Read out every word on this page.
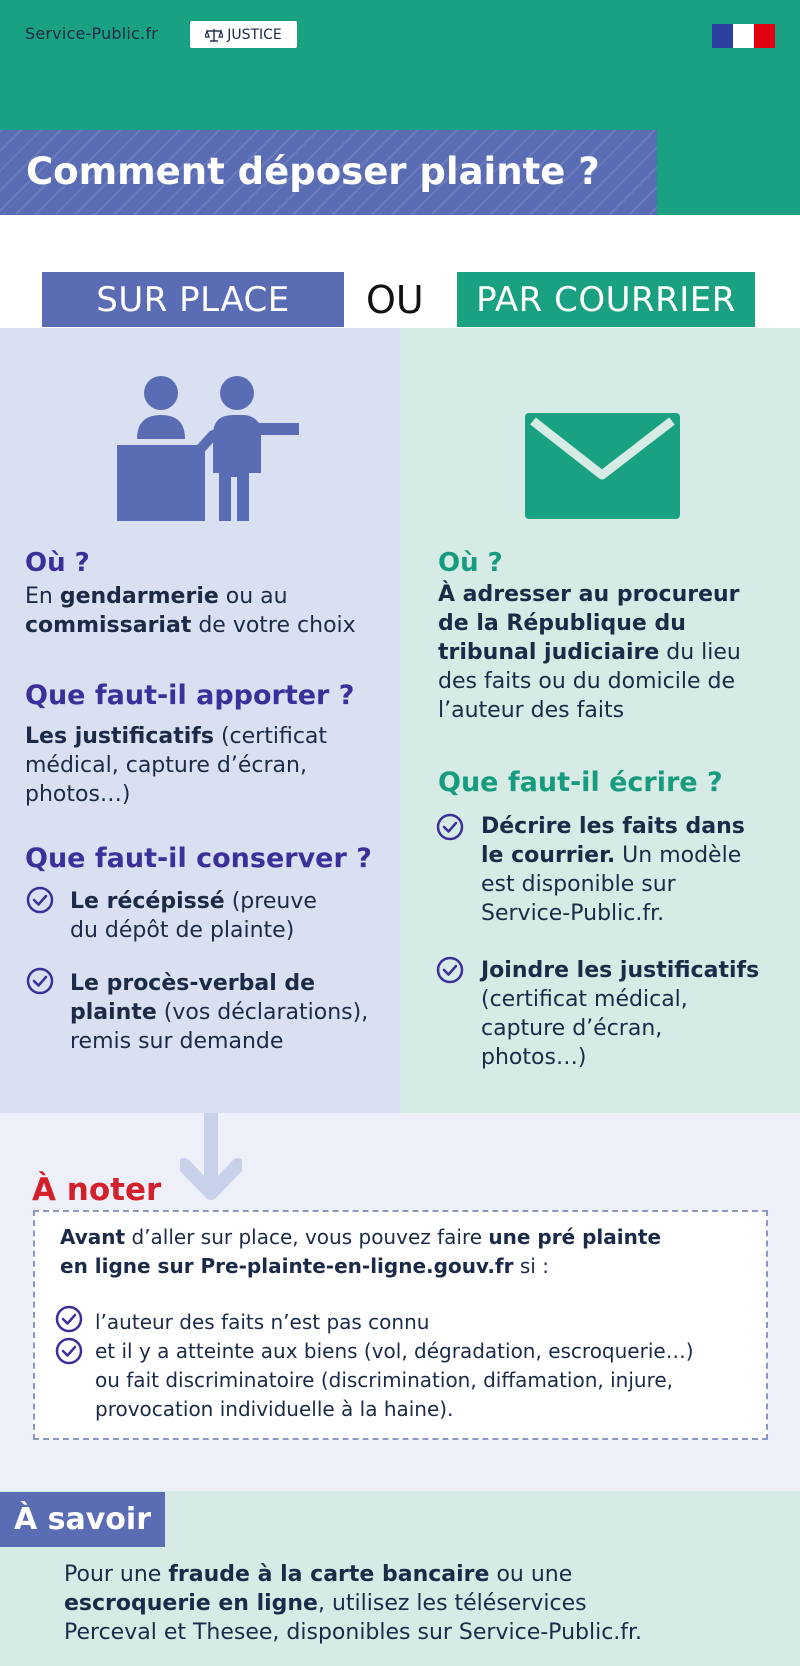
Service-Public.fr	JUSTICE
Comment déposer plainte ?
SUR PLACE	OU	PAR COURRIER
Où ?
En gendarmerie ou au
commissariat de votre choix
Que faut-il apporter ?
Les justificatifs (certificat
médical, capture d’écran,
photos…)
Que faut-il conserver ?
Le récépissé (preuve
du dépôt de plainte)
Le procès-verbal de
plainte (vos déclarations),
remis sur demande
Où ?
À adresser au procureur
de la République du
tribunal judiciaire du lieu
des faits ou du domicile de
l’auteur des faits
Que faut-il écrire ?
Décrire les faits dans
le courrier. Un modèle
est disponible sur
Service-Public.fr.
Joindre les justificatifs
(certificat médical,
capture d’écran,
photos…)
À noter
Avant d’aller sur place, vous pouvez faire une pré plainte
en ligne sur Pre-plainte-en-ligne.gouv.fr si :
l’auteur des faits n’est pas connu
et il y a atteinte aux biens (vol, dégradation, escroquerie…)
ou fait discriminatoire (discrimination, diffamation, injure,
provocation individuelle à la haine).
À savoir
Pour une fraude à la carte bancaire ou une
escroquerie en ligne, utilisez les téléservices
Perceval et Thesee, disponibles sur Service-Public.fr.
